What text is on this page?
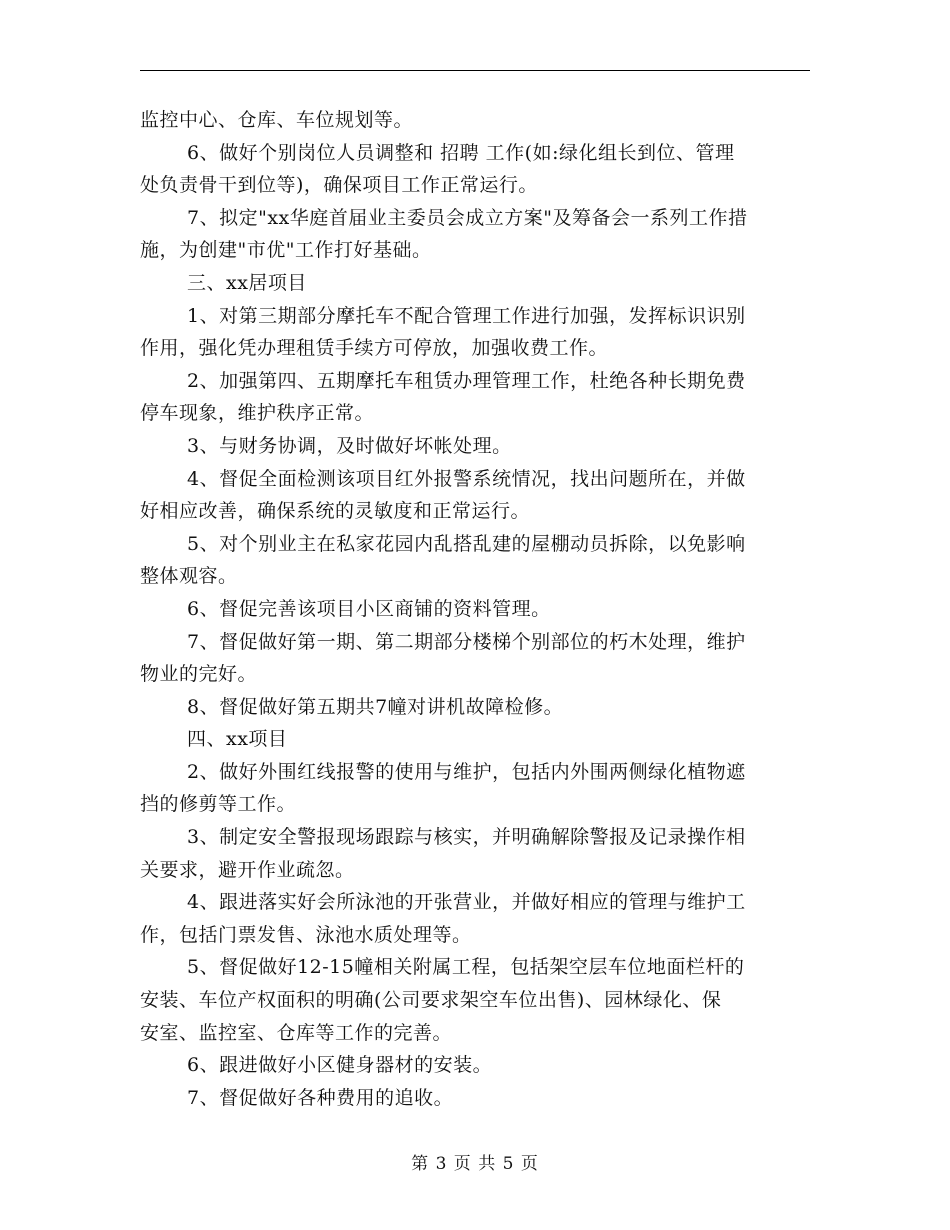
监控中心、仓库、车位规划等。
6、做好个别岗位人员调整和 招聘 工作(如:绿化组长到位、管理
处负责骨干到位等)，确保项目工作正常运行。
7、拟定"xx华庭首届业主委员会成立方案"及筹备会一系列工作措
施，为创建"市优"工作打好基础。
三、xx居项目
1、对第三期部分摩托车不配合管理工作进行加强，发挥标识识别
作用，强化凭办理租赁手续方可停放，加强收费工作。
2、加强第四、五期摩托车租赁办理管理工作，杜绝各种长期免费
停车现象，维护秩序正常。
3、与财务协调，及时做好坏帐处理。
4、督促全面检测该项目红外报警系统情况，找出问题所在，并做
好相应改善，确保系统的灵敏度和正常运行。
5、对个别业主在私家花园内乱搭乱建的屋棚动员拆除，以免影响
整体观容。
6、督促完善该项目小区商铺的资料管理。
7、督促做好第一期、第二期部分楼梯个别部位的朽木处理，维护
物业的完好。
8、督促做好第五期共7幢对讲机故障检修。
四、xx项目
2、做好外围红线报警的使用与维护，包括内外围两侧绿化植物遮
挡的修剪等工作。
3、制定安全警报现场跟踪与核实，并明确解除警报及记录操作相
关要求，避开作业疏忽。
4、跟进落实好会所泳池的开张营业，并做好相应的管理与维护工
作，包括门票发售、泳池水质处理等。
5、督促做好12-15幢相关附属工程，包括架空层车位地面栏杆的
安装、车位产权面积的明确(公司要求架空车位出售)、园林绿化、保
安室、监控室、仓库等工作的完善。
6、跟进做好小区健身器材的安装。
7、督促做好各种费用的追收。
第 3 页 共 5 页
